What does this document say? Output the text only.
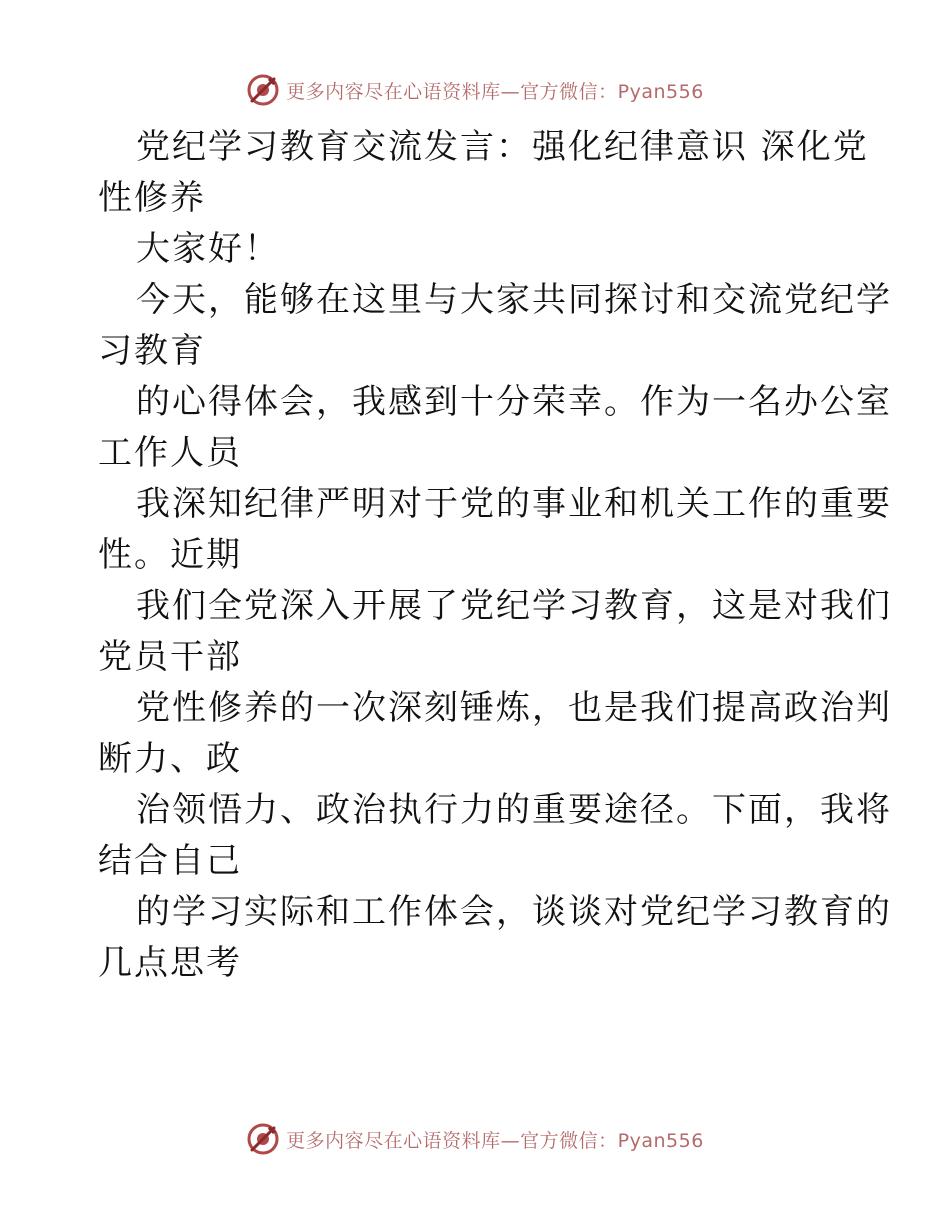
更多内容尽在心语资料库—官方微信：Pyan556
党纪学习教育交流发言：强化纪律意识 深化党
性修养
大家好！
今天，能够在这里与大家共同探讨和交流党纪学
习教育
的心得体会，我感到十分荣幸。作为一名办公室
工作人员
我深知纪律严明对于党的事业和机关工作的重要
性。近期
我们全党深入开展了党纪学习教育，这是对我们
党员干部
党性修养的一次深刻锤炼，也是我们提高政治判
断力、政
治领悟力、政治执行力的重要途径。下面，我将
结合自己
的学习实际和工作体会，谈谈对党纪学习教育的
几点思考
更多内容尽在心语资料库—官方微信：Pyan556
